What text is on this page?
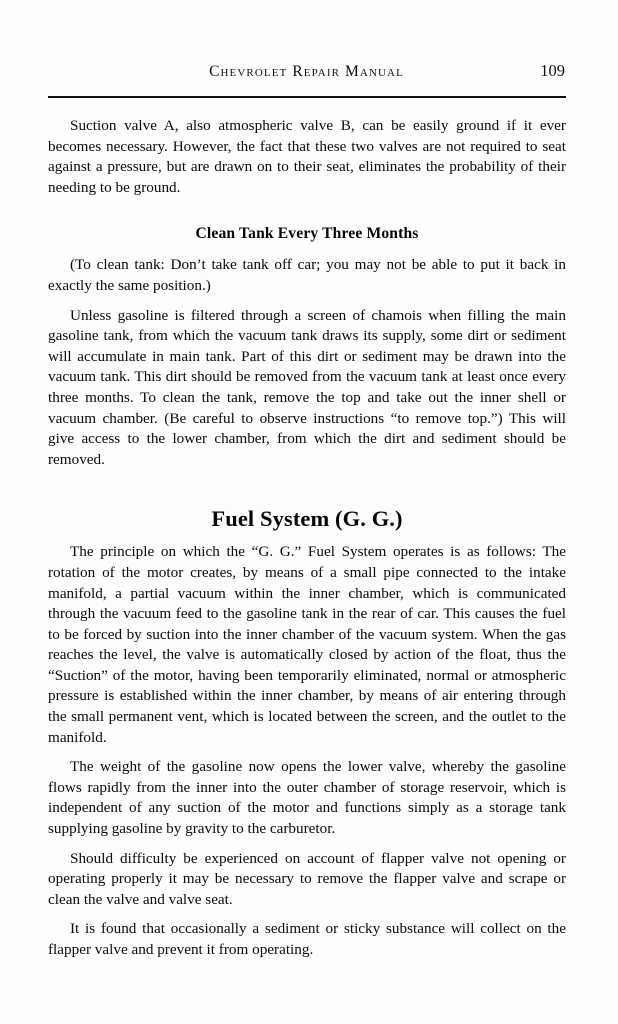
Chevrolet Repair Manual	109

Suction valve A, also atmospheric valve B, can be easily ground if it ever becomes necessary. However, the fact that these two valves are not required to seat against a pressure, but are drawn on to their seat, eliminates the probability of their needing to be ground.

Clean Tank Every Three Months

(To clean tank: Don’t take tank off car; you may not be able to put it back in exactly the same position.)

Unless gasoline is filtered through a screen of chamois when filling the main gasoline tank, from which the vacuum tank draws its supply, some dirt or sediment will accumulate in main tank. Part of this dirt or sediment may be drawn into the vacuum tank. This dirt should be removed from the vacuum tank at least once every three months. To clean the tank, remove the top and take out the inner shell or vacuum chamber. (Be careful to observe instructions “to remove top.”) This will give access to the lower chamber, from which the dirt and sediment should be removed.

Fuel System (G. G.)

The principle on which the “G. G.” Fuel System operates is as follows: The rotation of the motor creates, by means of a small pipe connected to the intake manifold, a partial vacuum within the inner chamber, which is communicated through the vacuum feed to the gasoline tank in the rear of car. This causes the fuel to be forced by suction into the inner chamber of the vacuum system. When the gas reaches the level, the valve is automatically closed by action of the float, thus the “Suction” of the motor, having been temporarily eliminated, normal or atmospheric pressure is established within the inner chamber, by means of air entering through the small permanent vent, which is located between the screen, and the outlet to the manifold.

The weight of the gasoline now opens the lower valve, whereby the gasoline flows rapidly from the inner into the outer chamber of storage reservoir, which is independent of any suction of the motor and functions simply as a storage tank supplying gasoline by gravity to the carburetor.

Should difficulty be experienced on account of flapper valve not opening or operating properly it may be necessary to remove the flapper valve and scrape or clean the valve and valve seat.

It is found that occasionally a sediment or sticky substance will collect on the flapper valve and prevent it from operating.
